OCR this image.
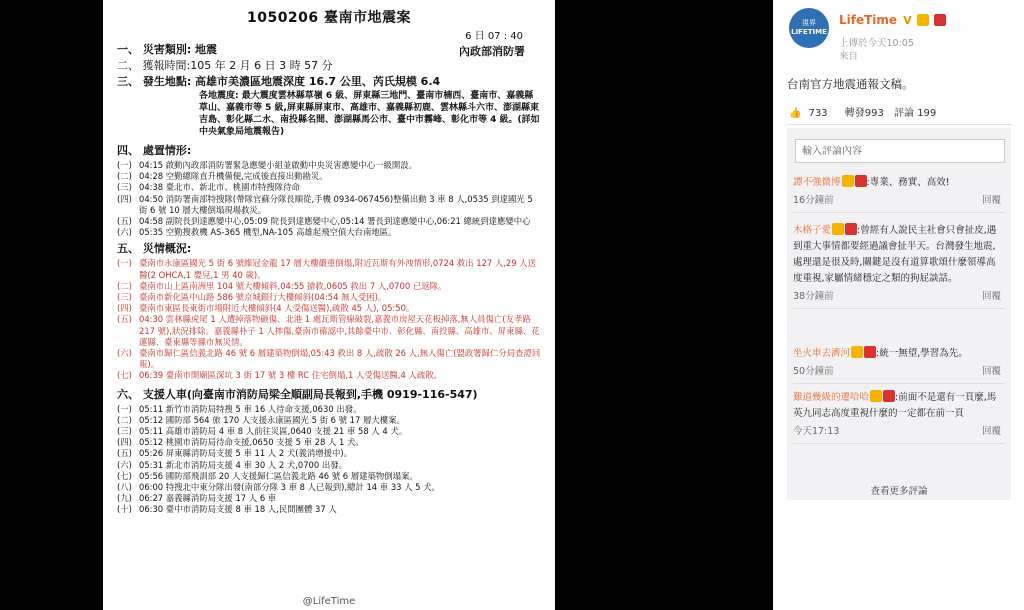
1050206 臺南市地震案
6 日 07 : 40
內政部消防署
一、 災害類別: 地震
二、 獲報時間:105 年 2 月 6 日 3 時 57 分
三、 發生地點: 高雄市美濃區地震深度 16.7 公里、芮氏規模 6.4
各地震度: 最大震度雲林縣草嶺 6 級、屏東縣三地門、臺南市楠西、臺南市、嘉義縣草山、嘉義市等 5 級,屏東縣屏東市、高雄市、嘉義縣初鹿、雲林縣斗六市、澎湖縣東吉島、彰化縣二水、南投縣名間、澎湖縣馬公市、臺中市霧峰、彰化市等 4 級。(詳如中央氣象局地震報告)
四、 處置情形:
(一) 04:15 啟動內政部消防署緊急應變小組並啟動中央災害應變中心一級開設。
(二) 04:28 空勤總隊直升機備便,完成後直接出動勘災。
(三) 04:38 臺北市、新北市、桃園市特搜隊待命
(四) 04:50 消防署南部特搜隊(帶隊官蘇分隊長順從,手機 0934-067456)整備出動 3 車 8 人,0535 到達國光 5 街 6 號 10 層大樓倒塌現場救災。
(五) 04:58 副院長到達應變中心,05:09 院長到達應變中心,05:14 署長到達應變中心,06:21 總統到達應變中心
(六) 05:35 空勤搜救機 AS-365 機型,NA-105 高雄起飛空偵大台南地區。
五、 災情概況:
(一) 臺南市永康區國光 5 街 6 號維冠金龍 17 層大樓嚴重倒塌,附近瓦斯有外洩情形,0724 救出 127 人,29 人送醫(2 OHCA,1 嬰兒,1 男 40 歲)。
(二) 臺南市山上區南洲里 104 號大樓傾斜,04:55 搶救,0605 救出 7 人,0700 已返隊。
(三) 臺南市新化區中山路 586 號京城銀行大樓傾斜(04:54 無人受困)。
(四) 臺南市東區長東街市場附近大樓傾斜(4 人受傷送醫),疏散 45 人), 05:50。
(五) 04:30 雲林縣虎尾 1 人遭掉落物砸傷、北港 1 處瓦斯管線破裂,嘉義市房屋天花板掉落,無人員傷亡(友孝路 217 號),狀況排除。嘉義縣朴子 1 人摔傷,臺南市確認中,其餘臺中市、彰化縣、南投縣、高雄市、屏東縣、花蓮縣、臺東縣等縣市無災情。
(六) 臺南市歸仁區信義北路 46 號 6 層建築物倒塌,05:43 救出 8 人,疏散 26 人,無人傷亡(盟政署歸仁分局查證回報)。
(七) 06:39 臺南市開廟區深坑 3 街 17 號 3 樓 RC 住宅倒塌,1 人受傷送醫,4 人疏散。
六、 支援人車(向臺南市消防局梁全順副局長報到,手機 0919-116-547)
(一) 05:11 新竹市消防局特搜 5 車 16 人待命支援,0630 出發。
(二) 05:12 國防部 564 旅 170 人支援永康區國光 5 街 6 號 17 層大樓案。
(三) 05:11 高雄市消防局 4 車 8 人前往災區,0640 支援 21 車 58 人 4 犬。
(四) 05:12 桃園市消防局待命支援,0650 支援 5 車 28 人 1 犬。
(五) 05:26 屏東縣消防局支援 5 車 11 人 2 犬(義消增援中)。
(六) 05:31 新北市消防局支援 4 車 30 人 2 犬,0700 出發。
(七) 05:56 國防部飛訓部 20 人支援歸仁區信義北路 46 號 6 層建築物倒塌案。
(八) 06:00 特搜北中東分隊出發(南部分隊 3 車 8 人已報到),總計 14 車 33 人 5 犬。
(九) 06:27 嘉義縣消防局支援 17 人 6 車
(十) 06:30 臺中市消防局支援 8 車 18 人,民間團體 37 人
@LifeTime
視界
LIFETIME
LifeTime V
上傳於今天10:05
來自
台南官方地震通報文稿。
👍 733 轉發993 評論 199
輸入評論內容
譚不強微博	:專業、務實、高效!
16分鐘前	回覆
木格子愛	:曾經有人說民主社會只會扯皮,遇到重大事情都要經過議會扯半天。台灣發生地震,處理還是很及時,關鍵是沒有道算歌頌什麼領導高度重視,家屬情緒穩定之類的狗屁談話。
38分鐘前	回覆
坐火車去濟河	:統一無望,學習為先。
50分鐘前	回覆
難道幾級的遷哈哈	:前面不是還有一頁麼,馬英九同志高度重視什麼的一定都在前一頁
今天17:13	回覆
查看更多評論
